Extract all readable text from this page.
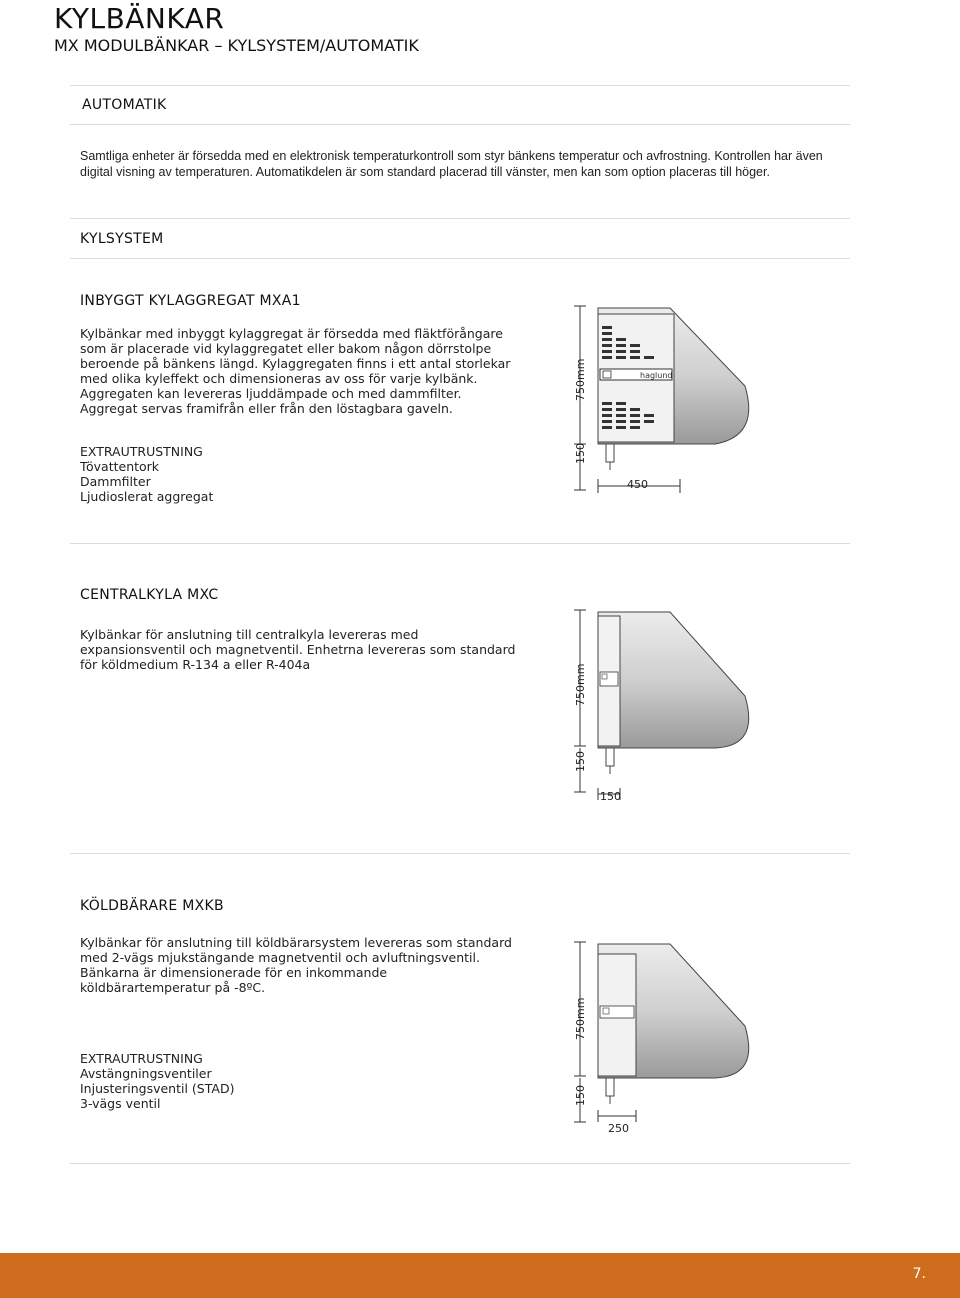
KYLBÄNKAR
MX MODULBÄNKAR – KYLSYSTEM/AUTOMATIK
AUTOMATIK
Samtliga enheter är försedda med en elektronisk temperaturkontroll som styr bänkens temperatur och avfrostning. Kontrollen har även digital visning av temperaturen. Automatikdelen är som standard placerad till vänster, men kan som option placeras till höger.
KYLSYSTEM
INBYGGT KYLAGGREGAT MXA1
Kylbänkar med inbyggt kylaggregat är försedda med fläktförångare som är placerade vid kylaggregatet eller bakom någon dörrstolpe beroende på bänkens längd. Kylaggregaten finns i ett antal storlekar med olika kyleffekt och dimensioneras av oss för varje kylbänk. Aggregaten kan levereras ljuddämpade och med dammfilter. Aggregat servas framifrån eller från den löstagbara gaveln.
EXTRAUTRUSTNING
Tövattentork
Dammfilter
Ljudioslerat aggregat
haglund
750mm
150
450
CENTRALKYLA MXC
Kylbänkar för anslutning till centralkyla levereras med expansionsventil och magnetventil. Enhetrna levereras som standard för köldmedium R-134 a eller R-404a	750mm
150
150
KÖLDBÄRARE MXKB
Kylbänkar för anslutning till köldbärarsystem levereras som standard med 2-vägs mjukstängande magnetventil och avluftningsventil. Bänkarna är dimensionerade för en inkommande köldbärartemperatur på -8ºC.
EXTRAUTRUSTNING
Avstängningsventiler
Injusteringsventil (STAD)
3-vägs ventil
750mm
150
250
7.
